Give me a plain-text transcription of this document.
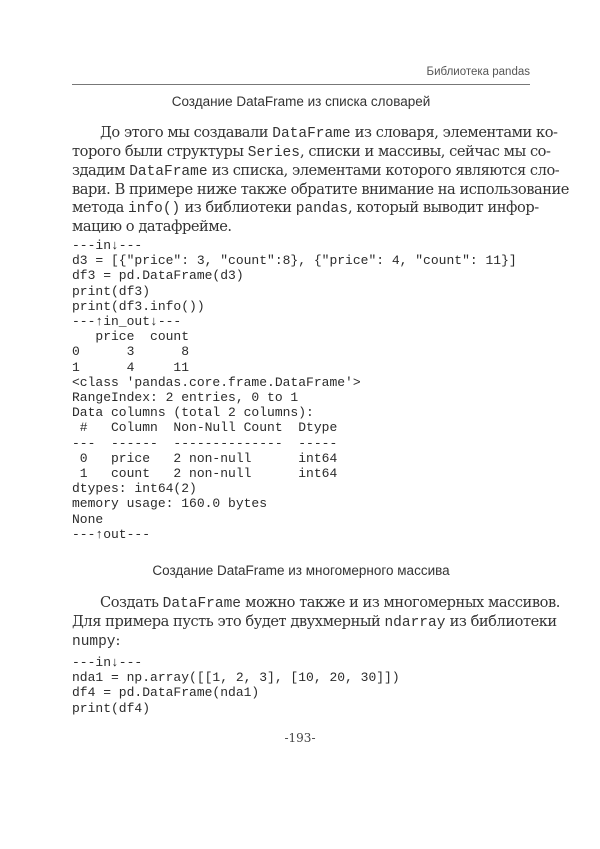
Библиотека pandas
Создание DataFrame из списка словарей
До этого мы создавали DataFrame из словаря, элементами ко-
торого были структуры Series, списки и массивы, сейчас мы со-
здадим DataFrame из списка, элементами которого являются сло-
вари. В примере ниже также обратите внимание на использование
метода info() из библиотеки pandas, который выводит инфор-
мацию о датафрейме.
---in↓---
d3 = [{"price": 3, "count":8}, {"price": 4, "count": 11}]
df3 = pd.DataFrame(d3)
print(df3)
print(df3.info())
---↑in_out↓---
price  count
0      3      8
1      4     11
<class 'pandas.core.frame.DataFrame'>
RangeIndex: 2 entries, 0 to 1
Data columns (total 2 columns):
#   Column  Non-Null Count  Dtype
---  ------  --------------  -----
0   price   2 non-null      int64
1   count   2 non-null      int64
dtypes: int64(2)
memory usage: 160.0 bytes
None
---↑out---
Создание DataFrame из многомерного массива
Создать DataFrame можно также и из многомерных массивов.
Для примера пусть это будет двухмерный ndarray из библиотеки
numpy:
---in↓---
nda1 = np.array([[1, 2, 3], [10, 20, 30]])
df4 = pd.DataFrame(nda1)
print(df4)
-193-
